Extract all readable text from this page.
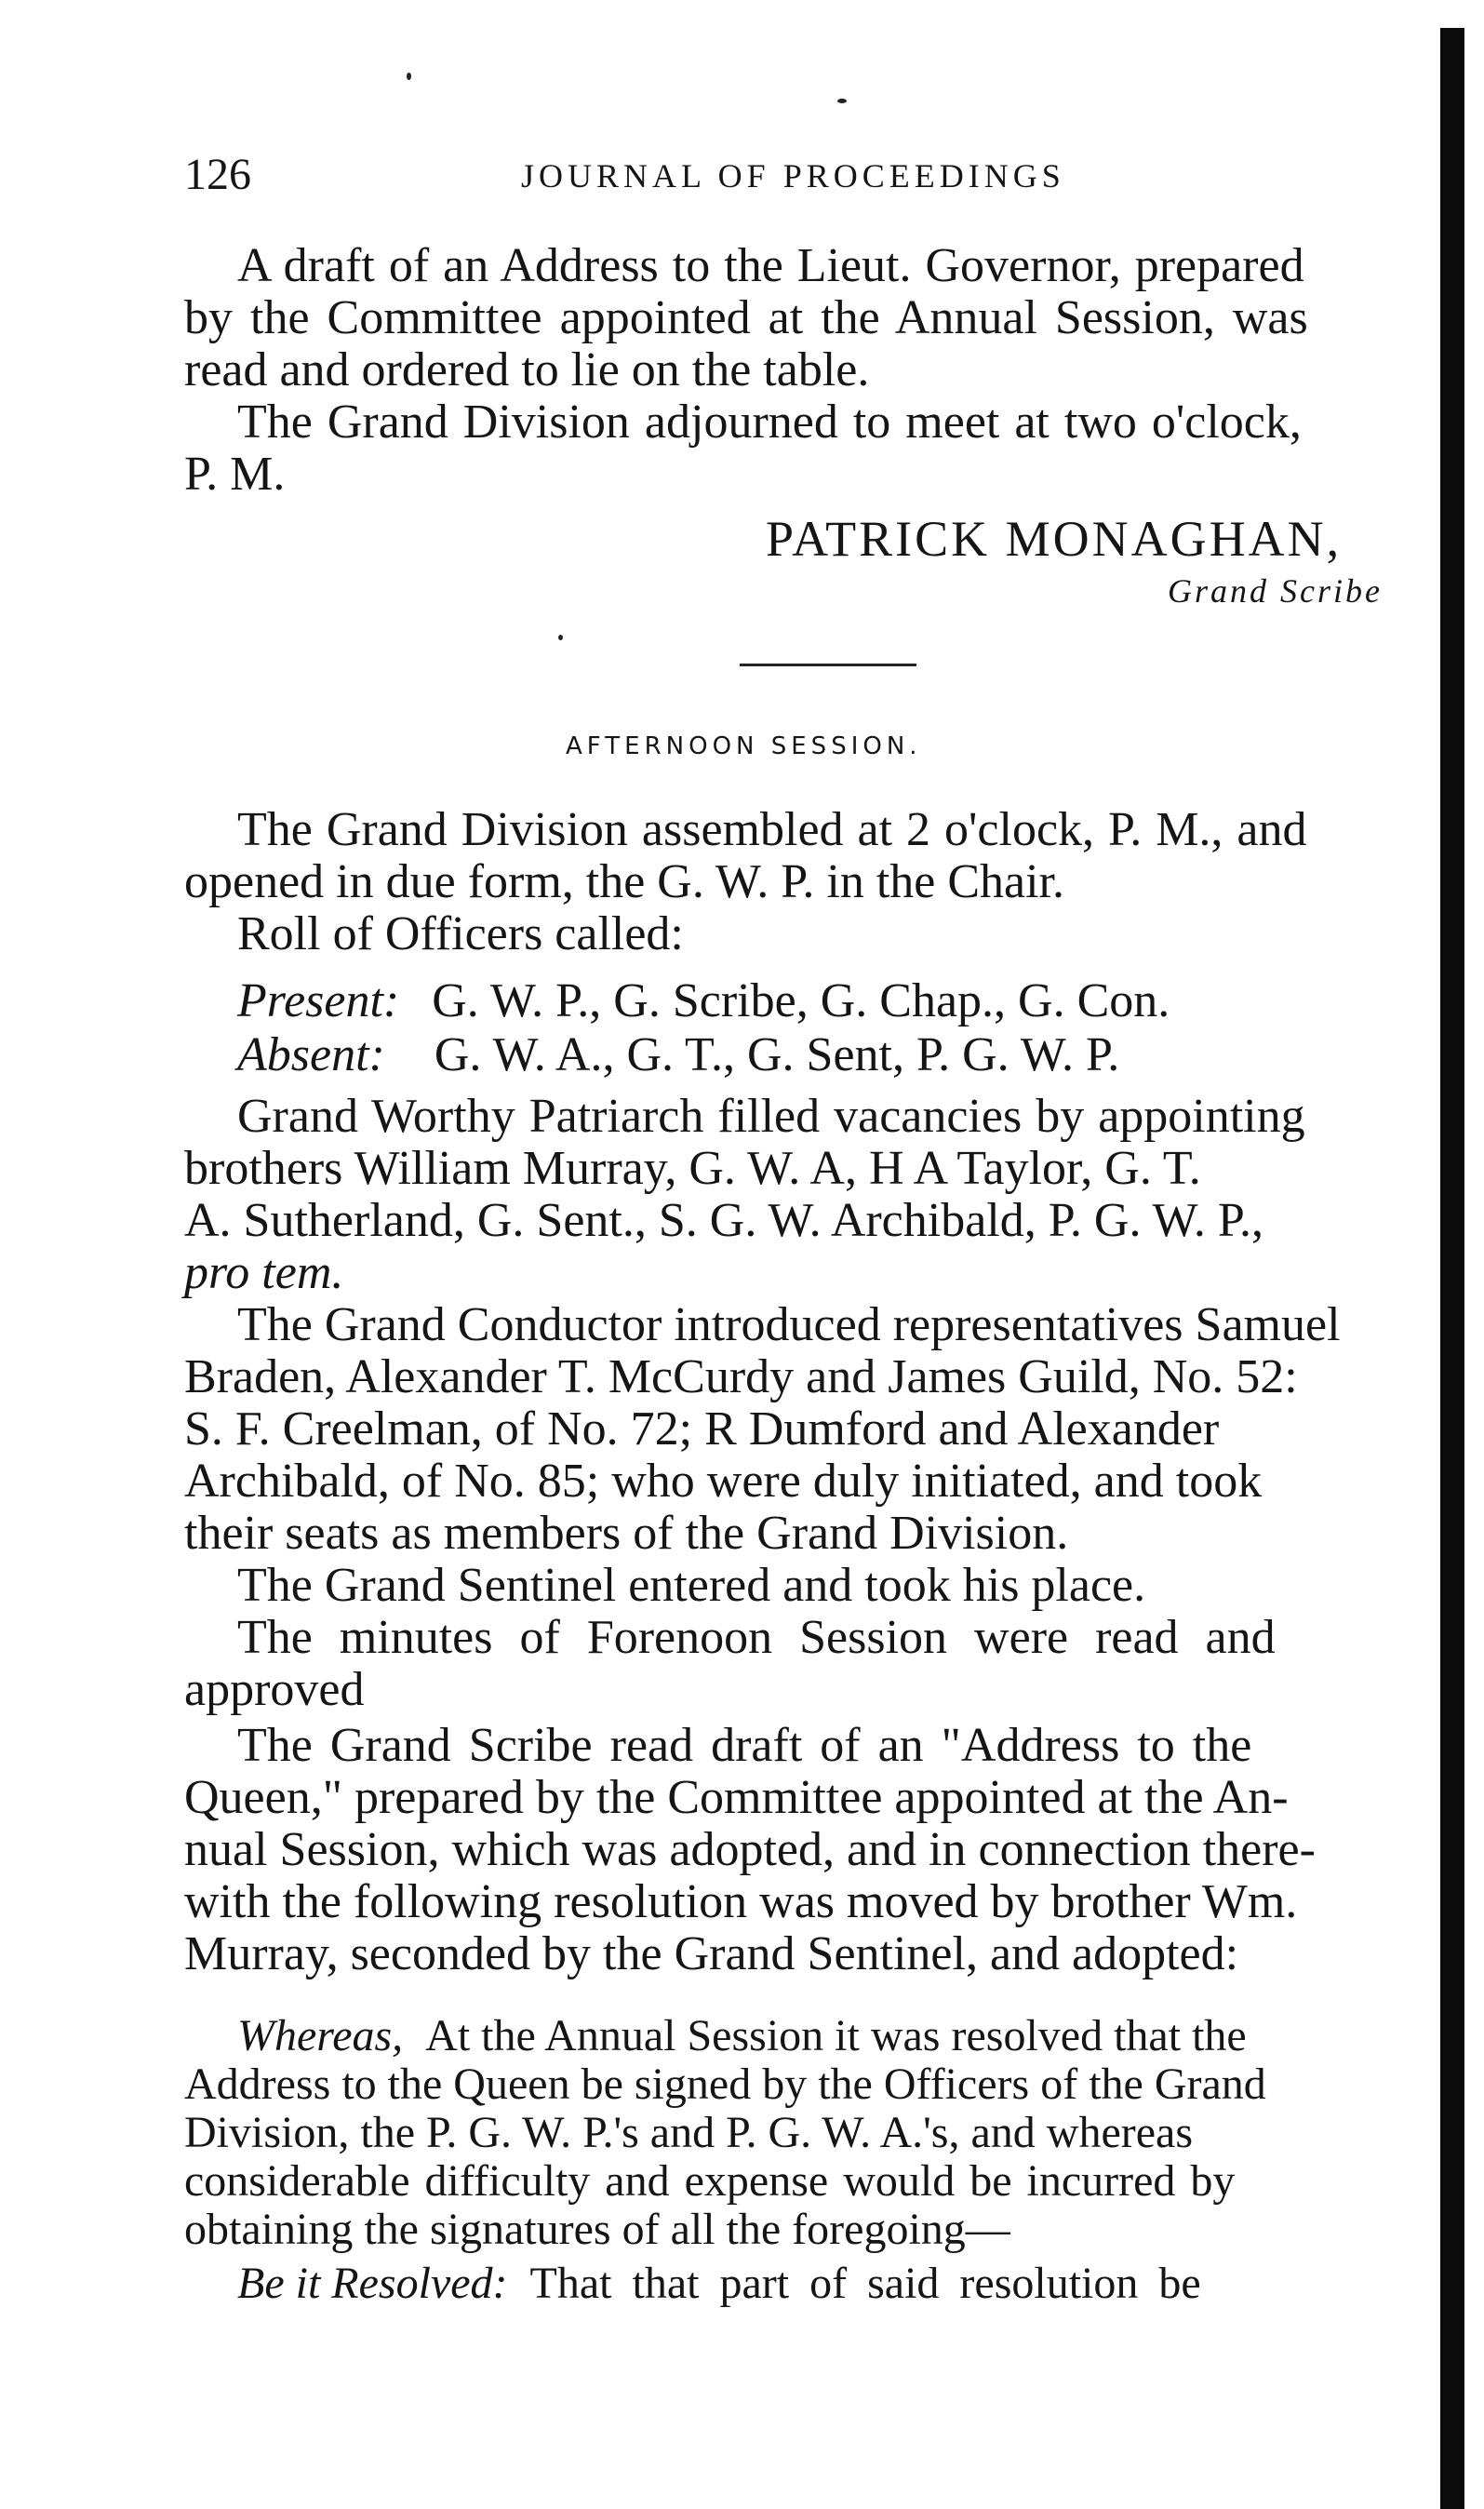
126	JOURNAL OF PROCEEDINGS
A draft of an Address to the Lieut. Governor, prepared
by the Committee appointed at the Annual Session, was
read and ordered to lie on the table.
The Grand Division adjourned to meet at two o'clock,
P. M.
PATRICK MONAGHAN,
Grand Scribe
AFTERNOON SESSION.
The Grand Division assembled at 2 o'clock, P. M., and
opened in due form, the G. W. P. in the Chair.
Roll of Officers called:
Present: G. W. P., G. Scribe, G. Chap., G. Con.
Absent: G. W. A., G. T., G. Sent, P. G. W. P.
Grand Worthy Patriarch filled vacancies by appointing
brothers William Murray, G. W. A, H A Taylor, G. T.
A. Sutherland, G. Sent., S. G. W. Archibald, P. G. W. P.,
pro tem.
The Grand Conductor introduced representatives Samuel
Braden, Alexander T. McCurdy and James Guild, No. 52:
S. F. Creelman, of No. 72; R Dumford and Alexander
Archibald, of No. 85; who were duly initiated, and took
their seats as members of the Grand Division.
The Grand Sentinel entered and took his place.
The minutes of Forenoon Session were read and
approved
The Grand Scribe read draft of an "Address to the
Queen," prepared by the Committee appointed at the An-
nual Session, which was adopted, and in connection there-
with the following resolution was moved by brother Wm.
Murray, seconded by the Grand Sentinel, and adopted:
Whereas, At the Annual Session it was resolved that the
Address to the Queen be signed by the Officers of the Grand
Division, the P. G. W. P.'s and P. G. W. A.'s, and whereas
considerable difficulty and expense would be incurred by
obtaining the signatures of all the foregoing—
Be it Resolved: That that part of said resolution be
